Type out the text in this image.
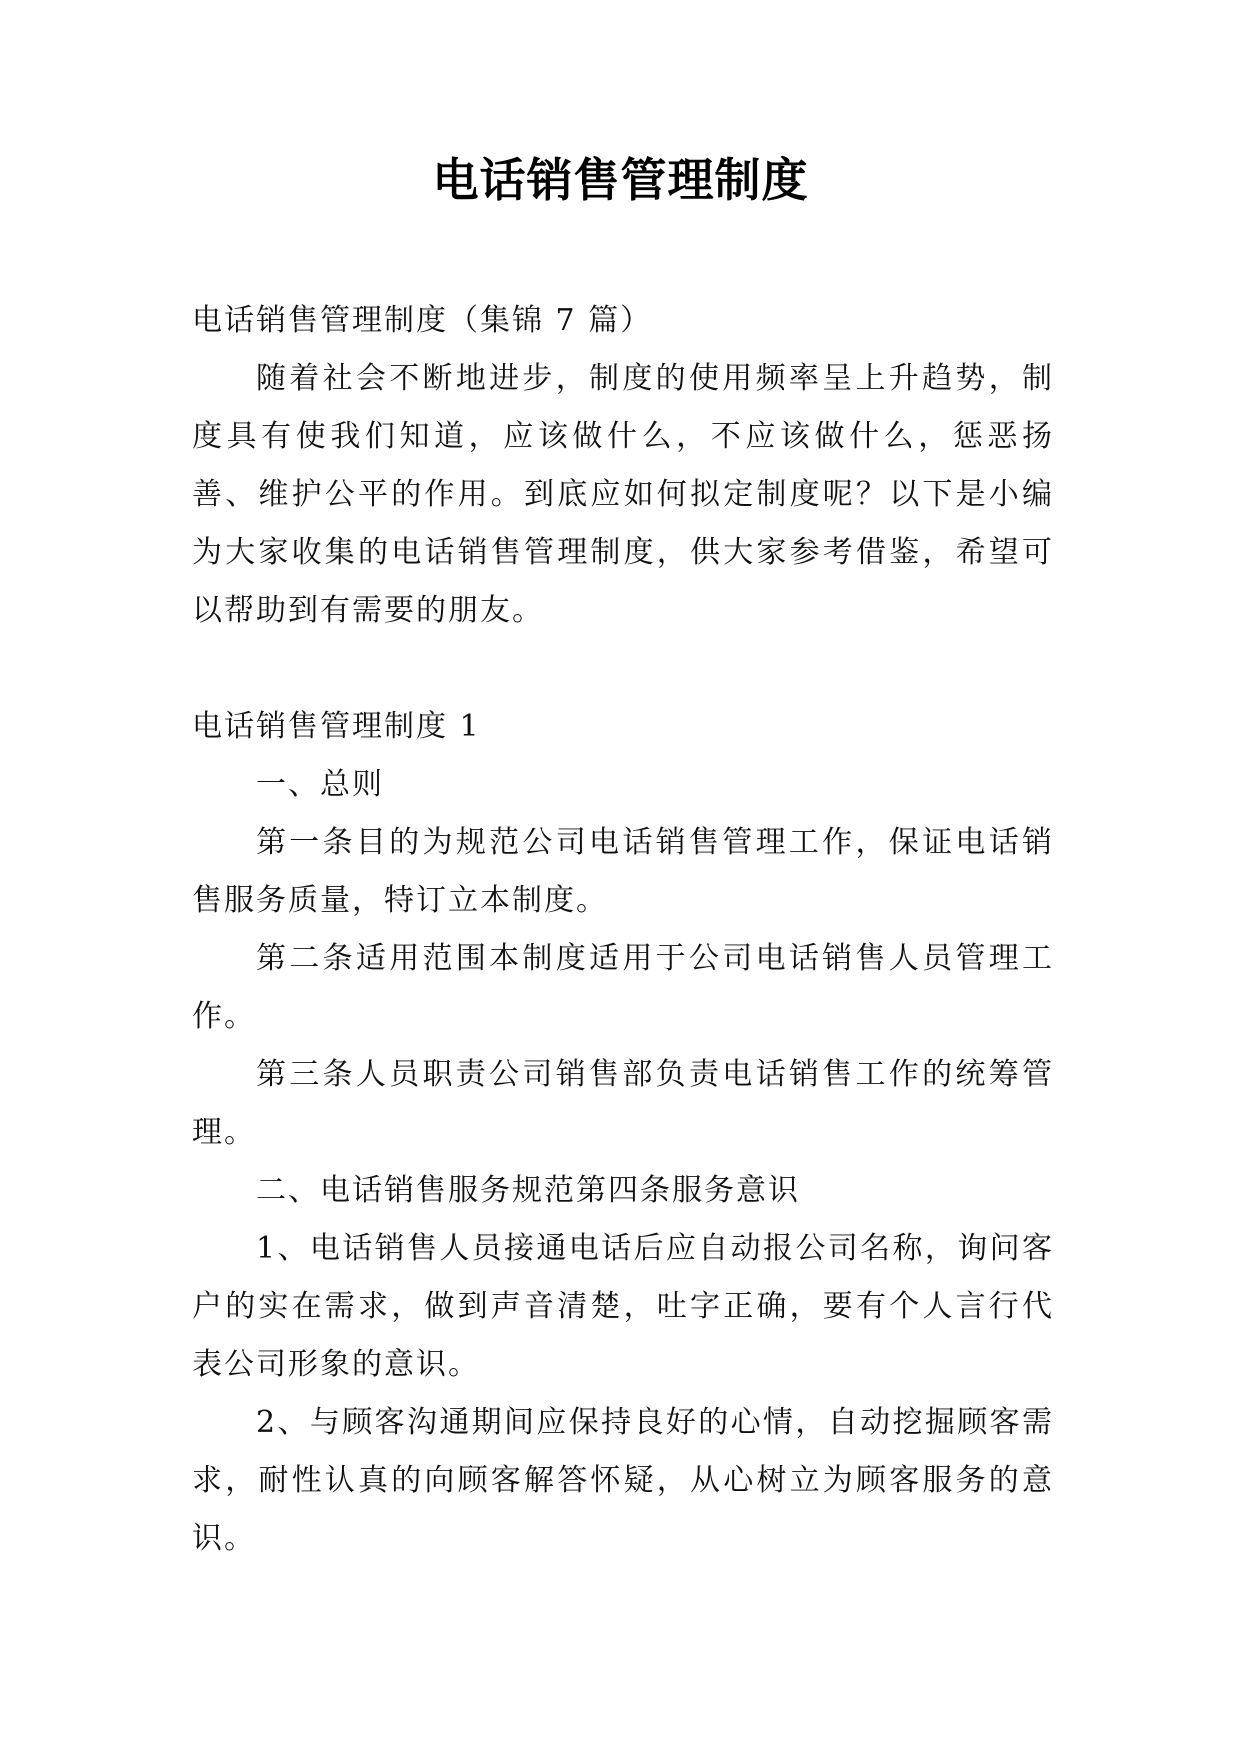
电话销售管理制度

电话销售管理制度（集锦 7 篇）

随着社会不断地进步，制度的使用频率呈上升趋势，制度具有使我们知道，应该做什么，不应该做什么，惩恶扬善、维护公平的作用。到底应如何拟定制度呢？以下是小编为大家收集的电话销售管理制度，供大家参考借鉴，希望可以帮助到有需要的朋友。

电话销售管理制度 1

一、总则

第一条目的为规范公司电话销售管理工作，保证电话销售服务质量，特订立本制度。

第二条适用范围本制度适用于公司电话销售人员管理工作。

第三条人员职责公司销售部负责电话销售工作的统筹管理。

二、电话销售服务规范第四条服务意识

1、电话销售人员接通电话后应自动报公司名称，询问客户的实在需求，做到声音清楚，吐字正确，要有个人言行代表公司形象的意识。

2、与顾客沟通期间应保持良好的心情，自动挖掘顾客需求，耐性认真的向顾客解答怀疑，从心树立为顾客服务的意识。
